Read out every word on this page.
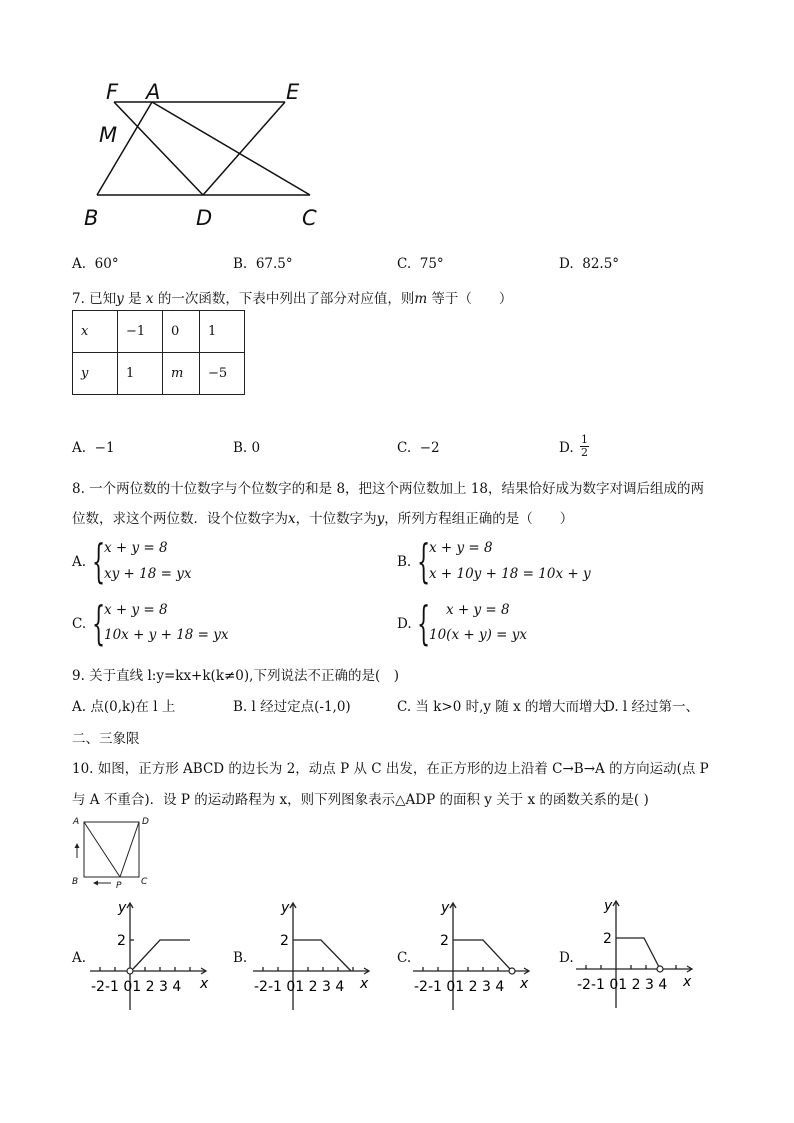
F A	E
M
B	D	C
A. 60°	B. 67.5°	C. 75°	D. 82.5°
7. 已知y 是 x 的一次函数，下表中列出了部分对应值，则m 等于（　　）
x	−1	0	1
y	1	m	−5
A. −1	B. 0	C. −2	D.
1
2
8. 一个两位数的十位数字与个位数字的和是 8，把这个两位数加上 18，结果恰好成为数字对调后组成的两
位数，求这个两位数．设个位数字为x，十位数字为y，所列方程组正确的是（　　）
A. {
x + y = 8
xy + 18 = yx
B. {
x + y = 8
x + 10y + 18 = 10x + y
C. {
x + y = 8
10x + y + 18 = yx
D. { x + y = 8
10(x + y) = yx
9. 关于直线 l:y=kx+k(k≠0),下列说法不正确的是(　)
A. 点(0,k)在 l 上	B. l 经过定点(-1,0)	C. 当 k>0 时,y 随 x 的增大而增大
D. l 经过第一、
二、三象限
10. 如图，正方形 ABCD 的边长为 2，动点 P 从 C 出发，在正方形的边上沿着 C→B→A 的方向运动(点 P
与 A 不重合)．设 P 的运动路程为 x，则下列图象表示△ADP 的面积 y 关于 x 的函数关系的是( )
A	D
B	P C
A.	B.	C.	D.
y
x
2
-2-1 01 2 3 4
y
x
2
-2-1 01 2 3 4
y
x
2
-2-1 01 2 3 4
y
x
2
-2-1 01 2 3 4
